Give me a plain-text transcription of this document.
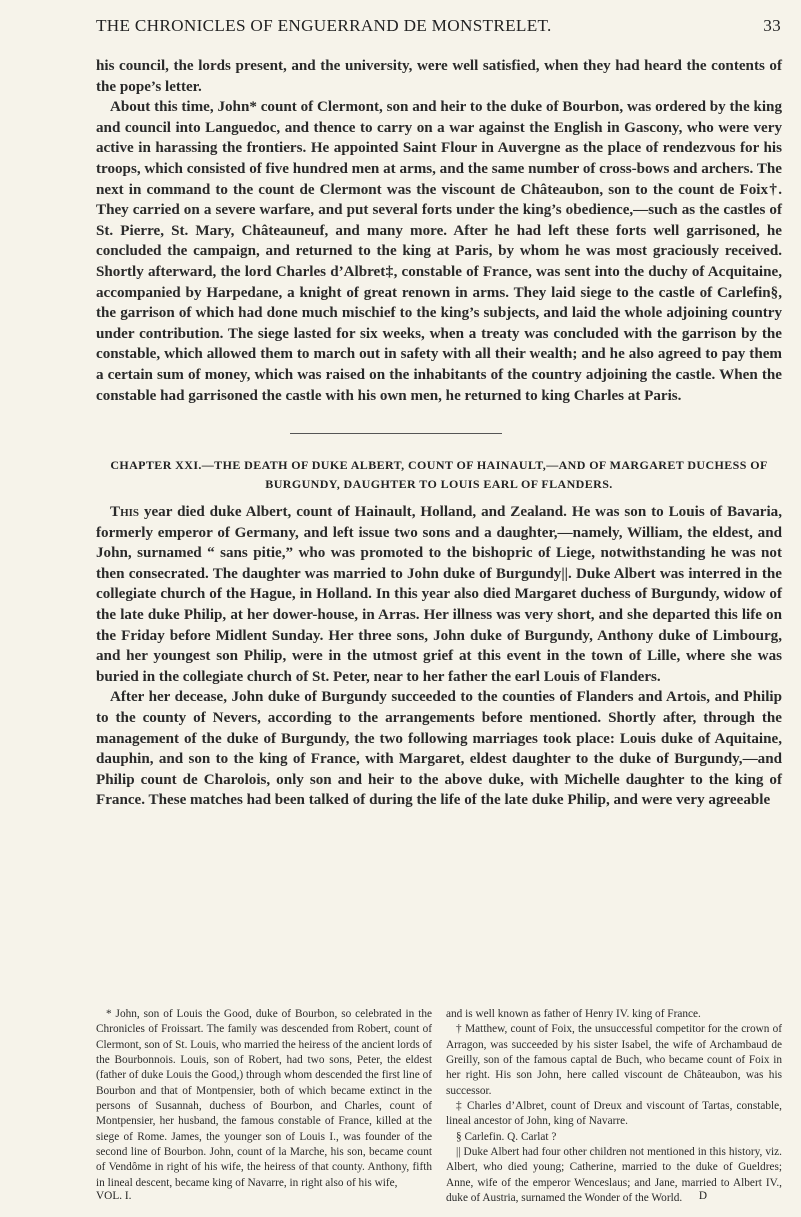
THE CHRONICLES OF ENGUERRAND DE MONSTRELET.	33

his council, the lords present, and the university, were well satisfied, when they had heard the contents of the pope’s letter.

About this time, John* count of Clermont, son and heir to the duke of Bourbon, was ordered by the king and council into Languedoc, and thence to carry on a war against the English in Gascony, who were very active in harassing the frontiers. He appointed Saint Flour in Auvergne as the place of rendezvous for his troops, which consisted of five hundred men at arms, and the same number of cross-bows and archers. The next in command to the count de Clermont was the viscount de Châteaubon, son to the count de Foix†. They carried on a severe warfare, and put several forts under the king’s obedience,—such as the castles of St. Pierre, St. Mary, Châteauneuf, and many more. After he had left these forts well garrisoned, he concluded the campaign, and returned to the king at Paris, by whom he was most graciously received. Shortly afterward, the lord Charles d’Albret‡, constable of France, was sent into the duchy of Acquitaine, accompanied by Harpedane, a knight of great renown in arms. They laid siege to the castle of Carlefin§, the garrison of which had done much mischief to the king’s subjects, and laid the whole adjoining country under contribution. The siege lasted for six weeks, when a treaty was concluded with the garrison by the constable, which allowed them to march out in safety with all their wealth; and he also agreed to pay them a certain sum of money, which was raised on the inhabitants of the country adjoining the castle. When the constable had garrisoned the castle with his own men, he returned to king Charles at Paris.

CHAPTER XXI.—THE DEATH OF DUKE ALBERT, COUNT OF HAINAULT,—AND OF MARGARET DUCHESS OF BURGUNDY, DAUGHTER TO LOUIS EARL OF FLANDERS.

This year died duke Albert, count of Hainault, Holland, and Zealand. He was son to Louis of Bavaria, formerly emperor of Germany, and left issue two sons and a daughter,—namely, William, the eldest, and John, surnamed “ sans pitie,” who was promoted to the bishopric of Liege, notwithstanding he was not then consecrated. The daughter was married to John duke of Burgundy||. Duke Albert was interred in the collegiate church of the Hague, in Holland. In this year also died Margaret duchess of Burgundy, widow of the late duke Philip, at her dower-house, in Arras. Her illness was very short, and she departed this life on the Friday before Midlent Sunday. Her three sons, John duke of Burgundy, Anthony duke of Limbourg, and her youngest son Philip, were in the utmost grief at this event in the town of Lille, where she was buried in the collegiate church of St. Peter, near to her father the earl Louis of Flanders.

After her decease, John duke of Burgundy succeeded to the counties of Flanders and Artois, and Philip to the county of Nevers, according to the arrangements before mentioned. Shortly after, through the management of the duke of Burgundy, the two following marriages took place: Louis duke of Aquitaine, dauphin, and son to the king of France, with Margaret, eldest daughter to the duke of Burgundy,—and Philip count de Charolois, only son and heir to the above duke, with Michelle daughter to the king of France. These matches had been talked of during the life of the late duke Philip, and were very agreeable

* John, son of Louis the Good, duke of Bourbon, so celebrated in the Chronicles of Froissart. The family was descended from Robert, count of Clermont, son of St. Louis, who married the heiress of the ancient lords of the Bourbonnois. Louis, son of Robert, had two sons, Peter, the eldest (father of duke Louis the Good,) through whom descended the first line of Bourbon and that of Montpensier, both of which became extinct in the persons of Susannah, duchess of Bourbon, and Charles, count of Montpensier, her husband, the famous constable of France, killed at the siege of Rome. James, the younger son of Louis I., was founder of the second line of Bourbon. John, count of la Marche, his son, became count of Vendôme in right of his wife, the heiress of that county. Anthony, fifth in lineal descent, became king of Navarre, in right also of his wife,

and is well known as father of Henry IV. king of France.

† Matthew, count of Foix, the unsuccessful competitor for the crown of Arragon, was succeeded by his sister Isabel, the wife of Archambaud de Greilly, son of the famous captal de Buch, who became count of Foix in her right. His son John, here called viscount de Châteaubon, was his successor.

‡ Charles d’Albret, count of Dreux and viscount of Tartas, constable, lineal ancestor of John, king of Navarre.

§ Carlefin. Q. Carlat ?

|| Duke Albert had four other children not mentioned in this history, viz. Albert, who died young; Catherine, married to the duke of Gueldres; Anne, wife of the emperor Wenceslaus; and Jane, married to Albert IV., duke of Austria, surnamed the Wonder of the World.

VOL. I.	D
